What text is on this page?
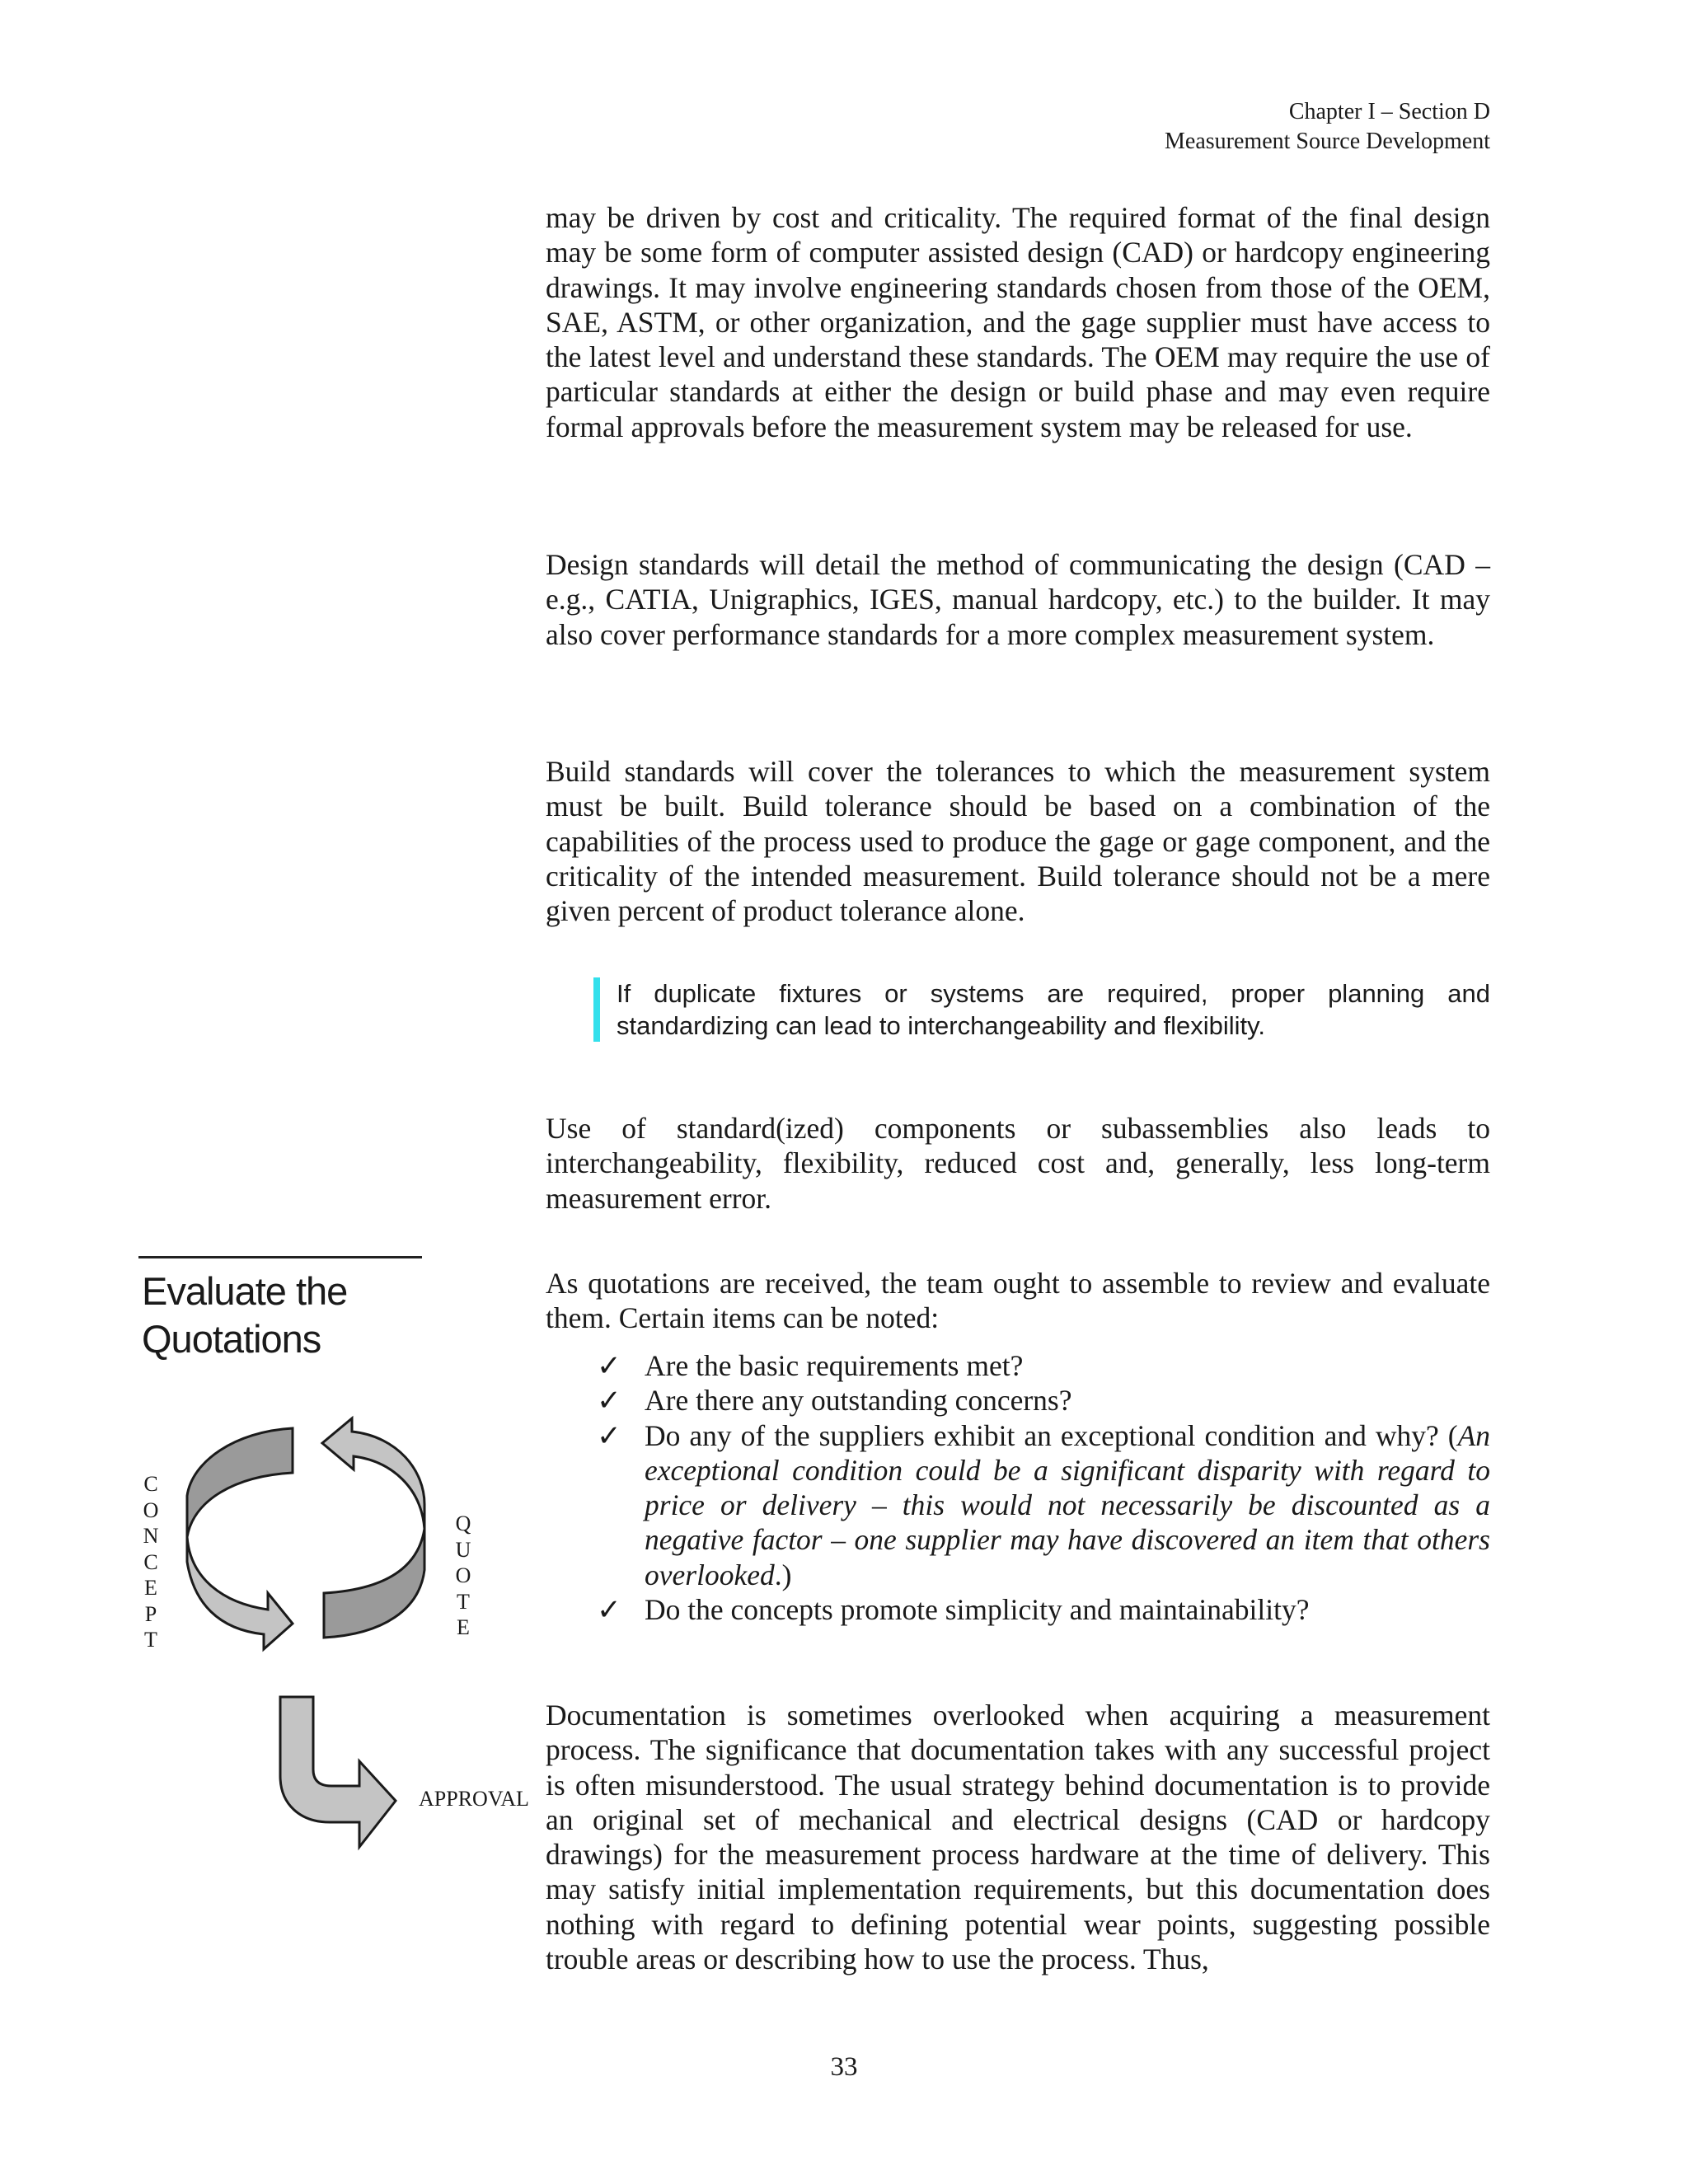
Chapter I – Section D
Measurement Source Development

may be driven by cost and criticality. The required format of the final design may be some form of computer assisted design (CAD) or hardcopy engineering drawings. It may involve engineering standards chosen from those of the OEM, SAE, ASTM, or other organization, and the gage supplier must have access to the latest level and understand these standards. The OEM may require the use of particular standards at either the design or build phase and may even require formal approvals before the measurement system may be released for use.

Design standards will detail the method of communicating the design (CAD – e.g., CATIA, Unigraphics, IGES, manual hardcopy, etc.) to the builder. It may also cover performance standards for a more complex measurement system.

Build standards will cover the tolerances to which the measurement system must be built. Build tolerance should be based on a combination of the capabilities of the process used to produce the gage or gage component, and the criticality of the intended measurement. Build tolerance should not be a mere given percent of product tolerance alone.

If duplicate fixtures or systems are required, proper planning and standardizing can lead to interchangeability and flexibility.

Use of standard(ized) components or subassemblies also leads to interchangeability, flexibility, reduced cost and, generally, less long-term measurement error.

Evaluate the
Quotations

As quotations are received, the team ought to assemble to review and evaluate them. Certain items can be noted:

✓ Are the basic requirements met?
✓ Are there any outstanding concerns?
✓ Do any of the suppliers exhibit an exceptional condition and why? (An exceptional condition could be a significant disparity with regard to price or delivery – this would not necessarily be discounted as a negative factor – one supplier may have discovered an item that others overlooked.)
✓ Do the concepts promote simplicity and maintainability?
C
O
N
C
E
P
T
Q
U
O
T
E
APPROVAL

Documentation is sometimes overlooked when acquiring a measurement process. The significance that documentation takes with any successful project is often misunderstood. The usual strategy behind documentation is to provide an original set of mechanical and electrical designs (CAD or hardcopy drawings) for the measurement process hardware at the time of delivery. This may satisfy initial implementation requirements, but this documentation does nothing with regard to defining potential wear points, suggesting possible trouble areas or describing how to use the process. Thus,

33
